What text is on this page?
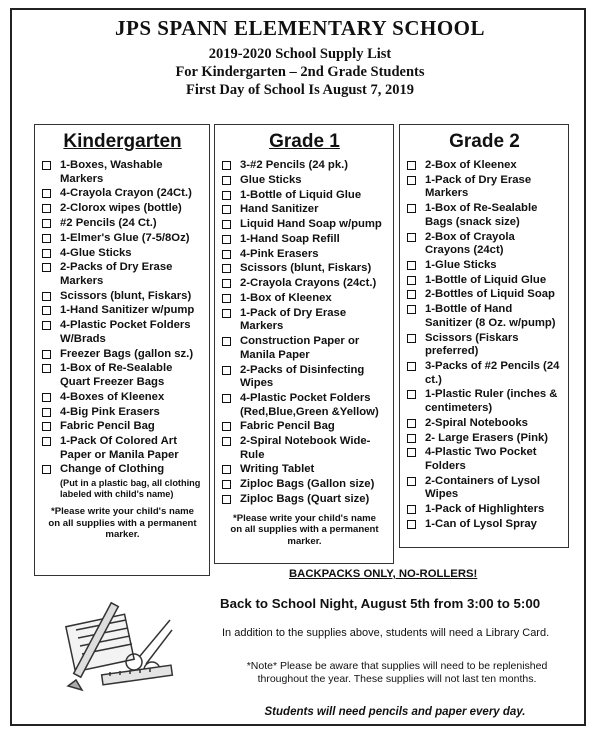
JPS SPANN ELEMENTARY SCHOOL
2019-2020 School Supply List
For Kindergarten – 2nd Grade Students
First Day of School Is August 7, 2019
Kindergarten
1-Boxes, Washable Markers
4-Crayola Crayon (24Ct.)
2-Clorox wipes (bottle)
#2 Pencils (24 Ct.)
1-Elmer's Glue (7-5/8Oz)
4-Glue Sticks
2-Packs of Dry Erase Markers
Scissors (blunt, Fiskars)
1-Hand Sanitizer w/pump
4-Plastic Pocket Folders W/Brads
Freezer Bags (gallon sz.)
1-Box of Re-Sealable Quart Freezer Bags
4-Boxes of Kleenex
4-Big Pink Erasers
Fabric Pencil Bag
1-Pack Of Colored Art Paper or Manila Paper
Change of Clothing
(Put in a plastic bag, all clothing labeled with child's name)
*Please write your child's name on all supplies with a permanent marker.
Grade 1
3-#2 Pencils (24 pk.)
Glue Sticks
1-Bottle of Liquid Glue
Hand Sanitizer
Liquid Hand Soap w/pump
1-Hand Soap Refill
4-Pink Erasers
Scissors (blunt, Fiskars)
2-Crayola Crayons (24ct.)
1-Box of Kleenex
1-Pack of Dry Erase Markers
Construction Paper or Manila Paper
2-Packs of Disinfecting Wipes
4-Plastic Pocket Folders (Red,Blue,Green &Yellow)
Fabric Pencil Bag
2-Spiral Notebook Wide-Rule
Writing Tablet
Ziploc Bags (Gallon size)
Ziploc Bags (Quart size)
*Please write your child's name on all supplies with a permanent marker.
Grade 2
2-Box of Kleenex
1-Pack of Dry Erase Markers
1-Box of Re-Sealable Bags (snack size)
2-Box of Crayola Crayons (24ct)
1-Glue Sticks
1-Bottle of Liquid Glue
2-Bottles of Liquid Soap
1-Bottle of Hand Sanitizer (8 Oz. w/pump)
Scissors (Fiskars preferred)
3-Packs of #2 Pencils (24 ct.)
1-Plastic Ruler (inches & centimeters)
2-Spiral Notebooks
2- Large Erasers (Pink)
4-Plastic Two Pocket Folders
2-Containers of Lysol Wipes
1-Pack of Highlighters
1-Can of Lysol Spray
BACKPACKS ONLY, NO-ROLLERS!
Back to School Night, August 5th from 3:00 to 5:00
In addition to the supplies above, students will need a Library Card.
*Note* Please be aware that supplies will need to be replenished throughout the year. These supplies will not last ten months.
Students will need pencils and paper every day.
